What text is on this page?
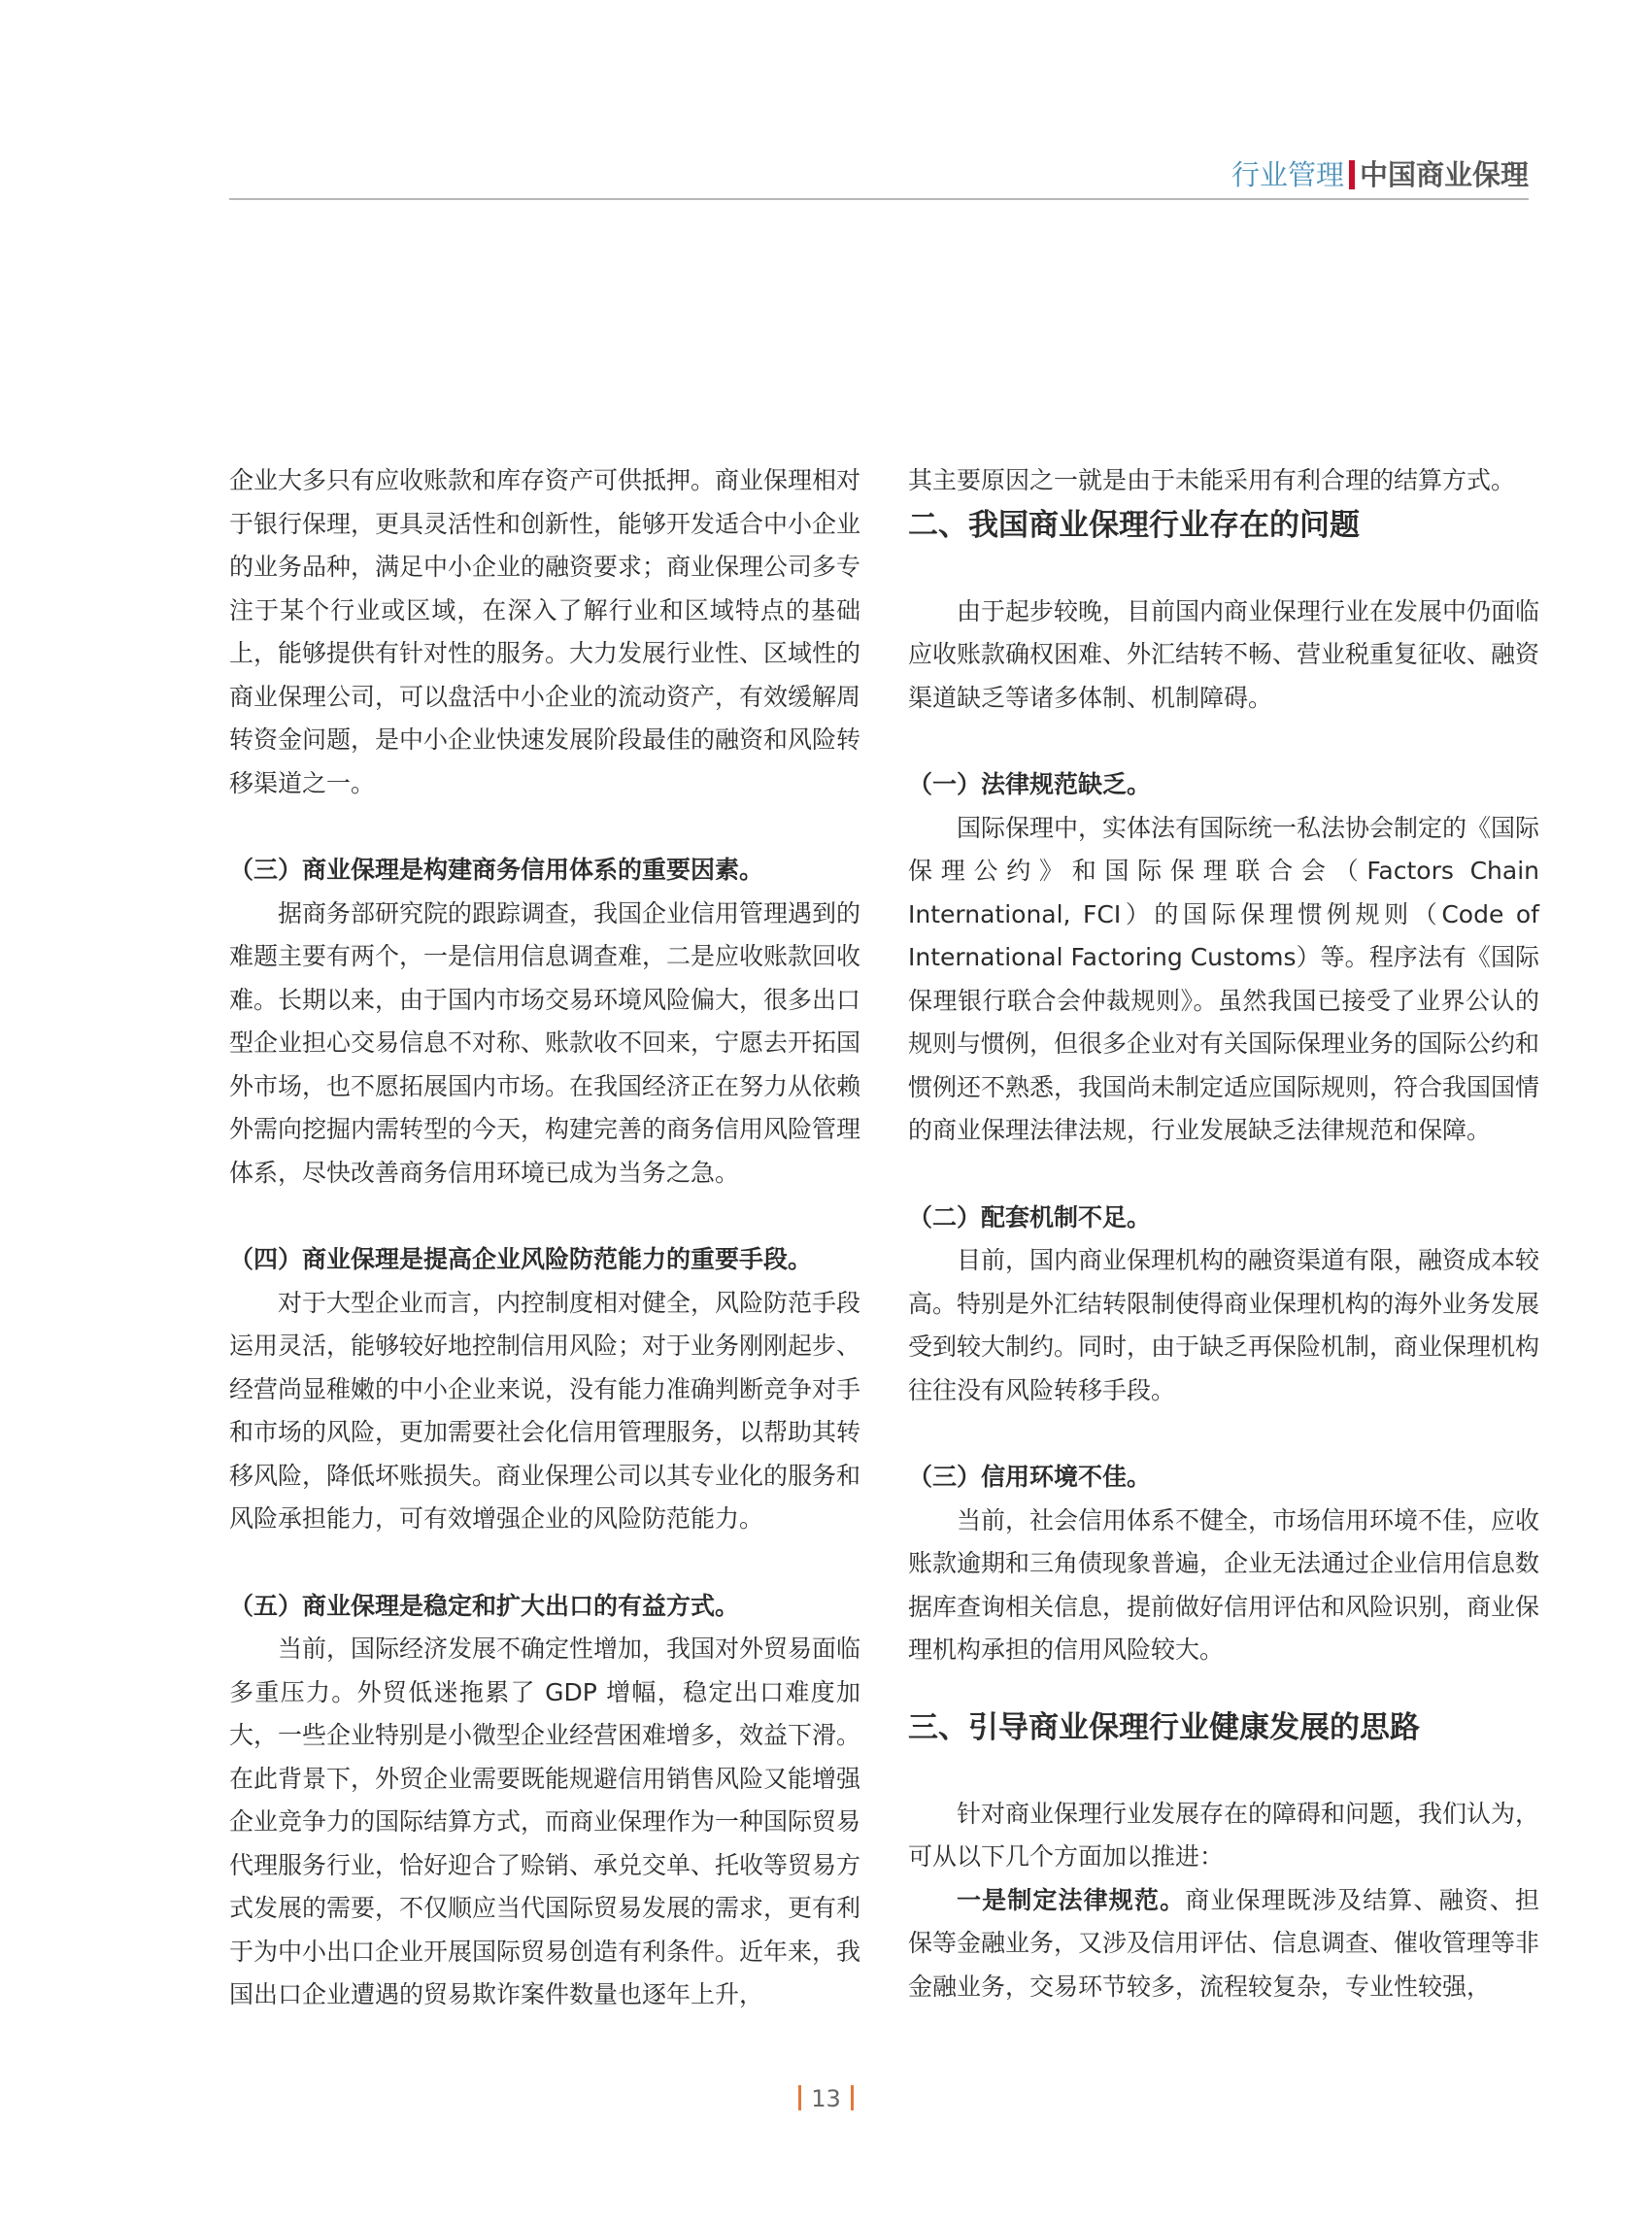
行业管理 中国商业保理

企业大多只有应收账款和库存资产可供抵押。商业保理相对于银行保理，更具灵活性和创新性，能够开发适合中小企业的业务品种，满足中小企业的融资要求；商业保理公司多专注于某个行业或区域，在深入了解行业和区域特点的基础上，能够提供有针对性的服务。大力发展行业性、区域性的商业保理公司，可以盘活中小企业的流动资产，有效缓解周转资金问题，是中小企业快速发展阶段最佳的融资和风险转移渠道之一。

（三）商业保理是构建商务信用体系的重要因素。

据商务部研究院的跟踪调查，我国企业信用管理遇到的难题主要有两个，一是信用信息调查难，二是应收账款回收难。长期以来，由于国内市场交易环境风险偏大，很多出口型企业担心交易信息不对称、账款收不回来，宁愿去开拓国外市场，也不愿拓展国内市场。在我国经济正在努力从依赖外需向挖掘内需转型的今天，构建完善的商务信用风险管理体系，尽快改善商务信用环境已成为当务之急。

（四）商业保理是提高企业风险防范能力的重要手段。

对于大型企业而言，内控制度相对健全，风险防范手段运用灵活，能够较好地控制信用风险；对于业务刚刚起步、经营尚显稚嫩的中小企业来说，没有能力准确判断竞争对手和市场的风险，更加需要社会化信用管理服务，以帮助其转移风险，降低坏账损失。商业保理公司以其专业化的服务和风险承担能力，可有效增强企业的风险防范能力。

（五）商业保理是稳定和扩大出口的有益方式。

当前，国际经济发展不确定性增加，我国对外贸易面临多重压力。外贸低迷拖累了 GDP 增幅，稳定出口难度加大，一些企业特别是小微型企业经营困难增多，效益下滑。在此背景下，外贸企业需要既能规避信用销售风险又能增强企业竞争力的国际结算方式，而商业保理作为一种国际贸易代理服务行业，恰好迎合了赊销、承兑交单、托收等贸易方式发展的需要，不仅顺应当代国际贸易发展的需求，更有利于为中小出口企业开展国际贸易创造有利条件。近年来，我国出口企业遭遇的贸易欺诈案件数量也逐年上升，

其主要原因之一就是由于未能采用有利合理的结算方式。

二、我国商业保理行业存在的问题

由于起步较晚，目前国内商业保理行业在发展中仍面临应收账款确权困难、外汇结转不畅、营业税重复征收、融资渠道缺乏等诸多体制、机制障碍。

（一）法律规范缺乏。

国际保理中，实体法有国际统一私法协会制定的《国际保理公约》和国际保理联合会（Factors Chain International, FCI）的国际保理惯例规则（Code of International Factoring Customs）等。程序法有《国际保理银行联合会仲裁规则》。虽然我国已接受了业界公认的规则与惯例，但很多企业对有关国际保理业务的国际公约和惯例还不熟悉，我国尚未制定适应国际规则，符合我国国情的商业保理法律法规，行业发展缺乏法律规范和保障。

（二）配套机制不足。

目前，国内商业保理机构的融资渠道有限，融资成本较高。特别是外汇结转限制使得商业保理机构的海外业务发展受到较大制约。同时，由于缺乏再保险机制，商业保理机构往往没有风险转移手段。

（三）信用环境不佳。

当前，社会信用体系不健全，市场信用环境不佳，应收账款逾期和三角债现象普遍，企业无法通过企业信用信息数据库查询相关信息，提前做好信用评估和风险识别，商业保理机构承担的信用风险较大。

三、引导商业保理行业健康发展的思路

针对商业保理行业发展存在的障碍和问题，我们认为，可从以下几个方面加以推进：

一是制定法律规范。商业保理既涉及结算、融资、担保等金融业务，又涉及信用评估、信息调查、催收管理等非金融业务，交易环节较多，流程较复杂，专业性较强，

13
